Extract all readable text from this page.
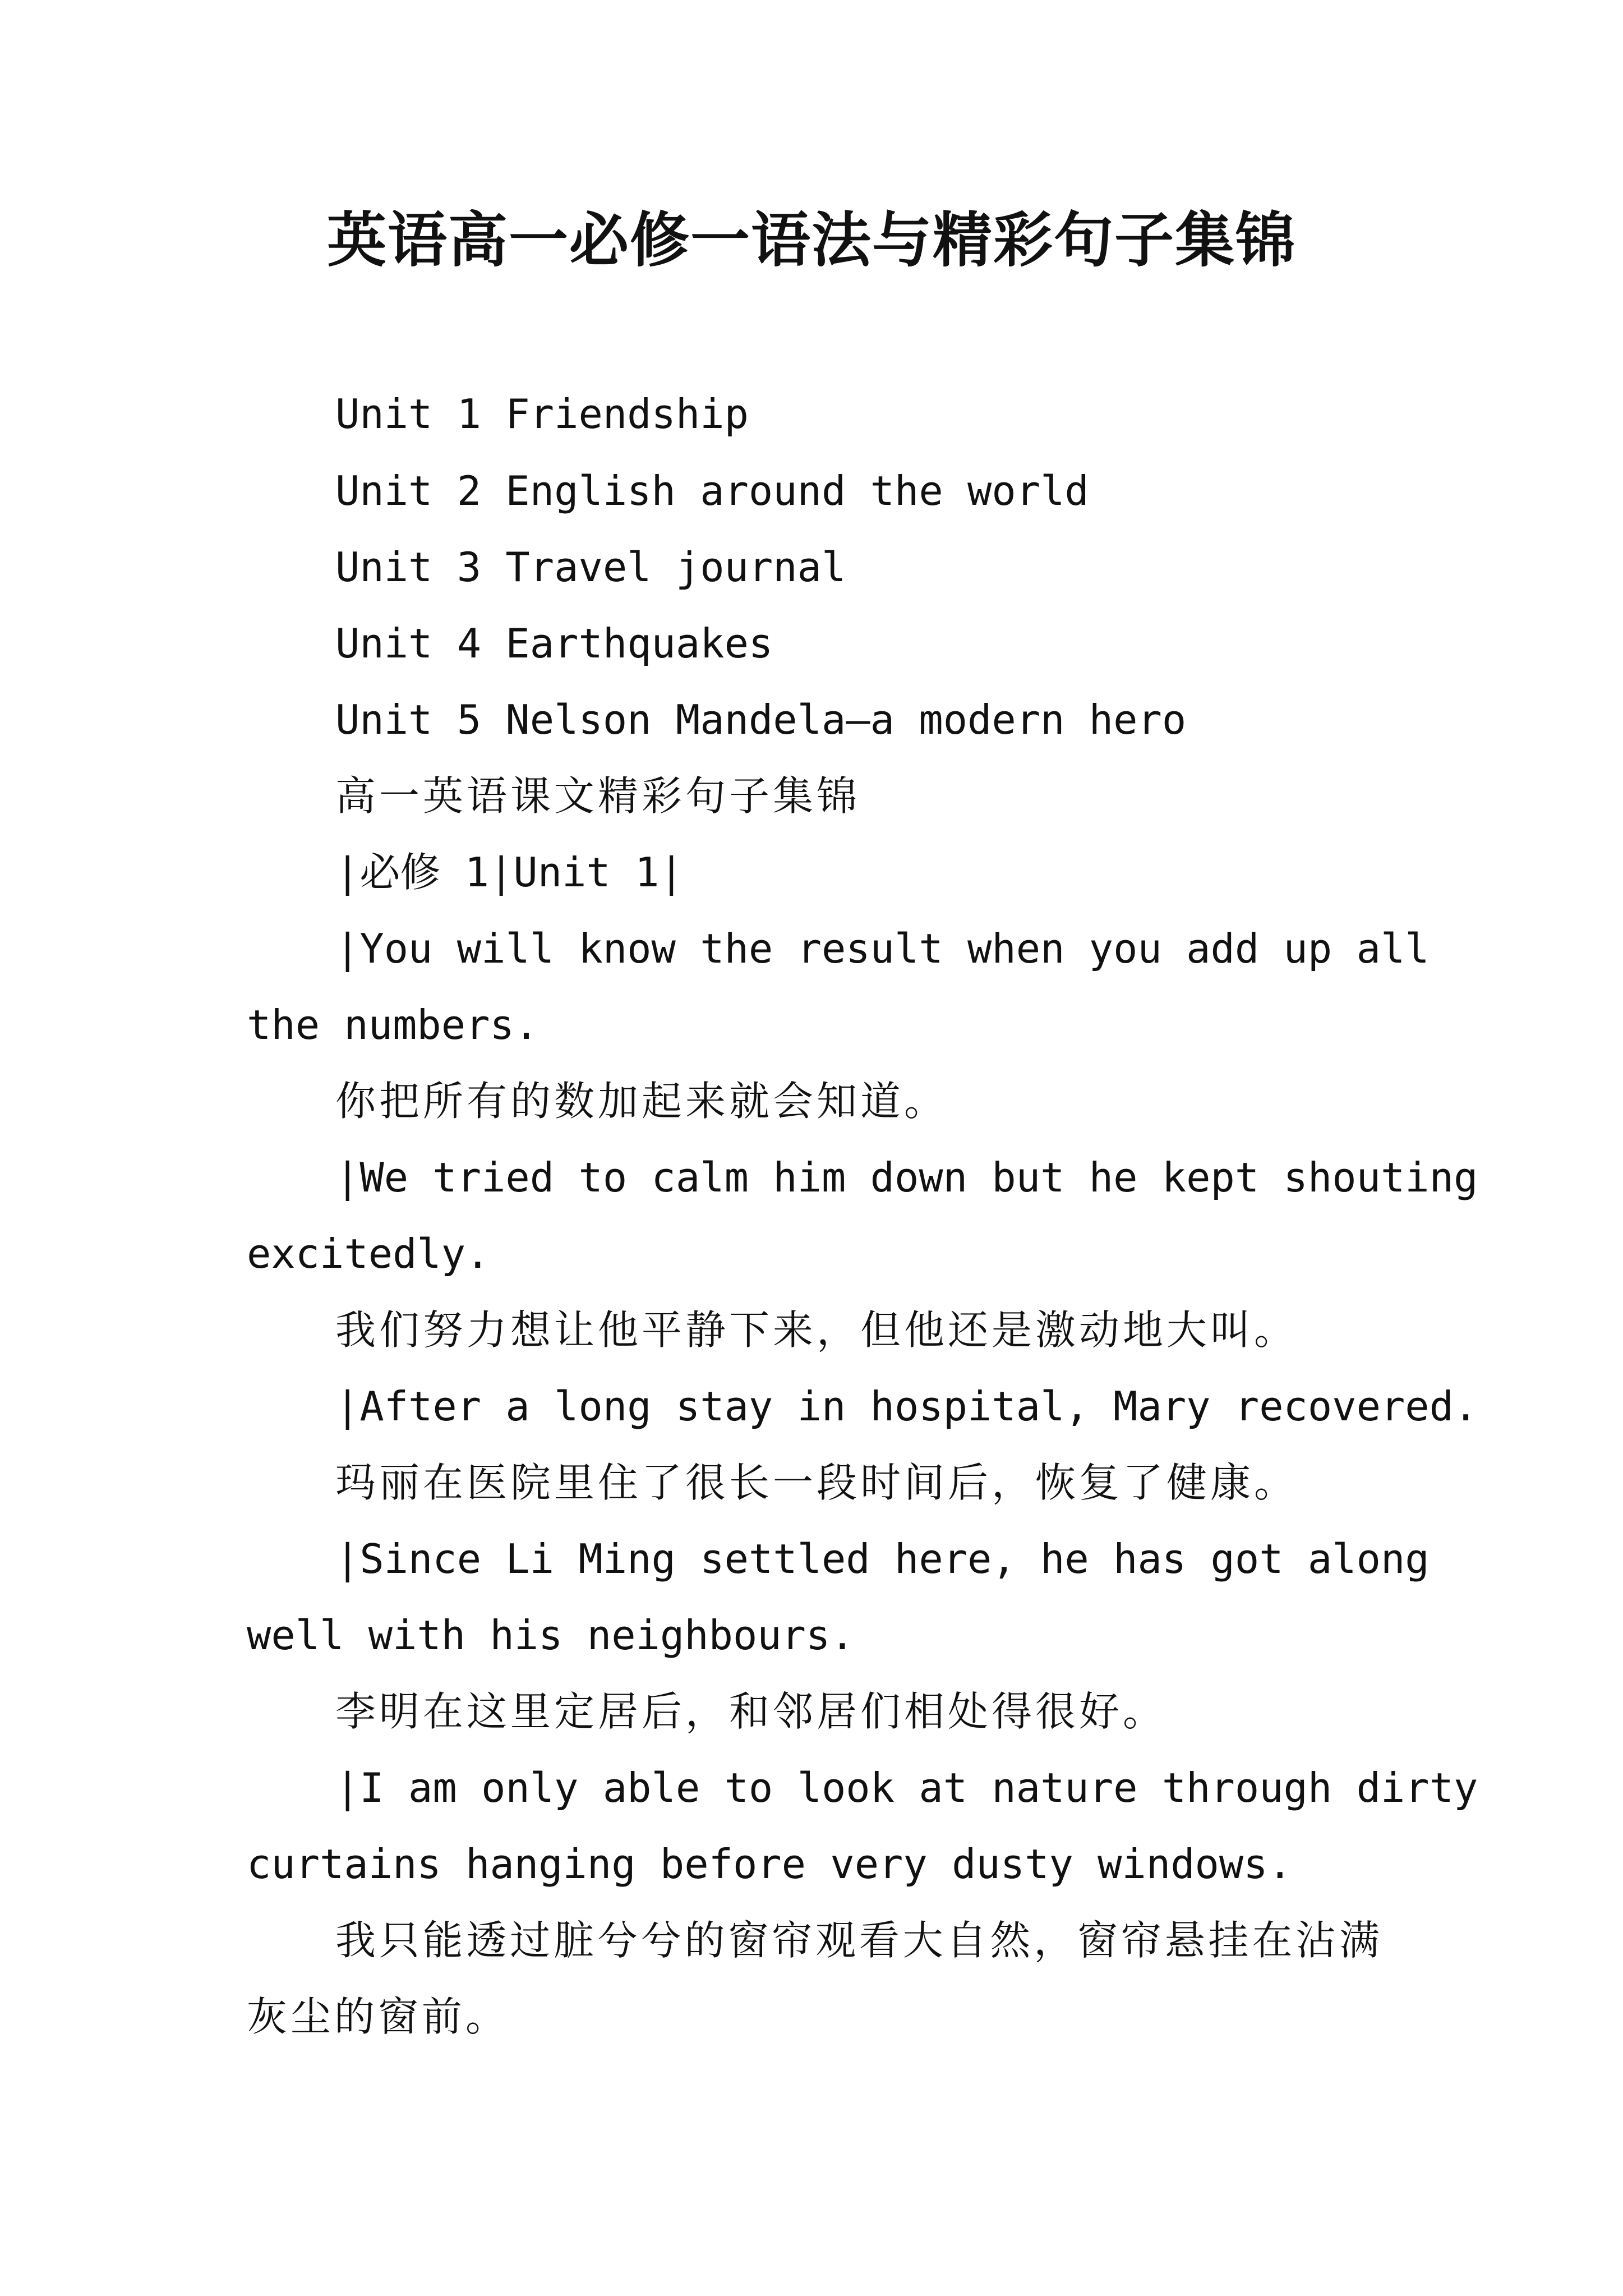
英语高一必修一语法与精彩句子集锦
Unit 1 Friendship
Unit 2 English around the world
Unit 3 Travel journal
Unit 4 Earthquakes
Unit 5 Nelson Mandela—a modern hero
高一英语课文精彩句子集锦
|必修 1|Unit 1|
|You will know the result when you add up all
the numbers.
你把所有的数加起来就会知道。
|We tried to calm him down but he kept shouting
excitedly.
我们努力想让他平静下来，但他还是激动地大叫。
|After a long stay in hospital, Mary recovered.
玛丽在医院里住了很长一段时间后，恢复了健康。
|Since Li Ming settled here, he has got along
well with his neighbours.
李明在这里定居后，和邻居们相处得很好。
|I am only able to look at nature through dirty
curtains hanging before very dusty windows.
我只能透过脏兮兮的窗帘观看大自然，窗帘悬挂在沾满
灰尘的窗前。
